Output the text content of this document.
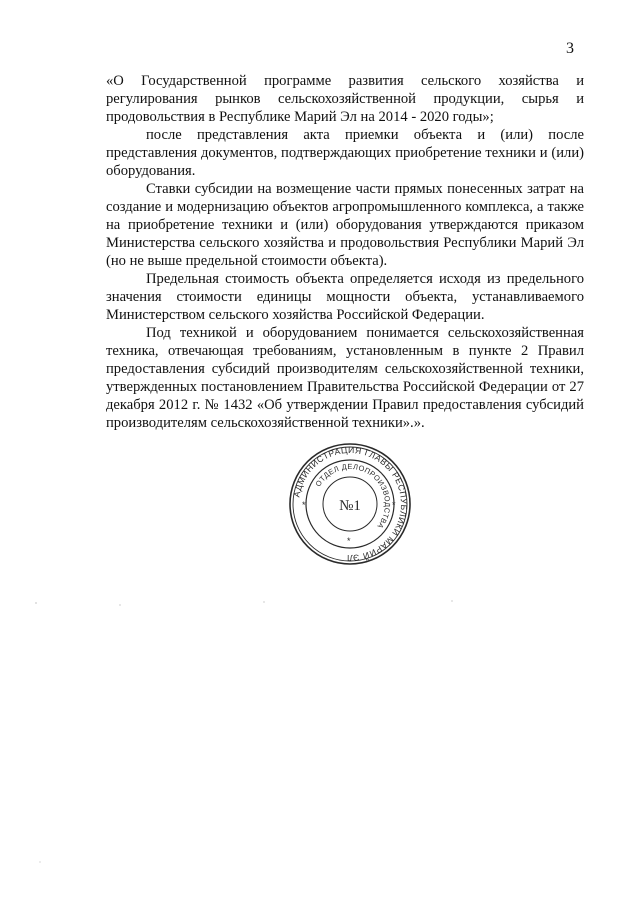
3

«О Государственной программе развития сельского хозяйства и регулирования рынков сельскохозяйственной продукции, сырья и продовольствия в Республике Марий Эл на 2014 - 2020 годы»;

после представления акта приемки объекта и (или) после представления документов, подтверждающих приобретение техники и (или) оборудования.

Ставки субсидии на возмещение части прямых понесенных затрат на создание и модернизацию объектов агропромышленного комплекса, а также на приобретение техники и (или) оборудования утверждаются приказом Министерства сельского хозяйства и продовольствия Республики Марий Эл (но не выше предельной стоимости объекта).

Предельная стоимость объекта определяется исходя из предельного значения стоимости единицы мощности объекта, устанавливаемого Министерством сельского хозяйства Российской Федерации.

Под техникой и оборудованием понимается сельскохозяйственная техника, отвечающая требованиям, установленным в пункте 2 Правил предоставления субсидий производителям сельскохозяйственной техники, утвержденных постановлением Правительства Российской Федерации от 27 декабря 2012 г. № 1432 «Об утверждении Правил предоставления субсидий производителям сельскохозяйственной техники».».

АДМИНИСТРАЦИЯ ГЛАВЫ РЕСПУБЛИКИ МАРИЙ ЭЛ
ОТДЕЛ ДЕЛОПРОИЗВОДСТВА
№1
*	*
*
